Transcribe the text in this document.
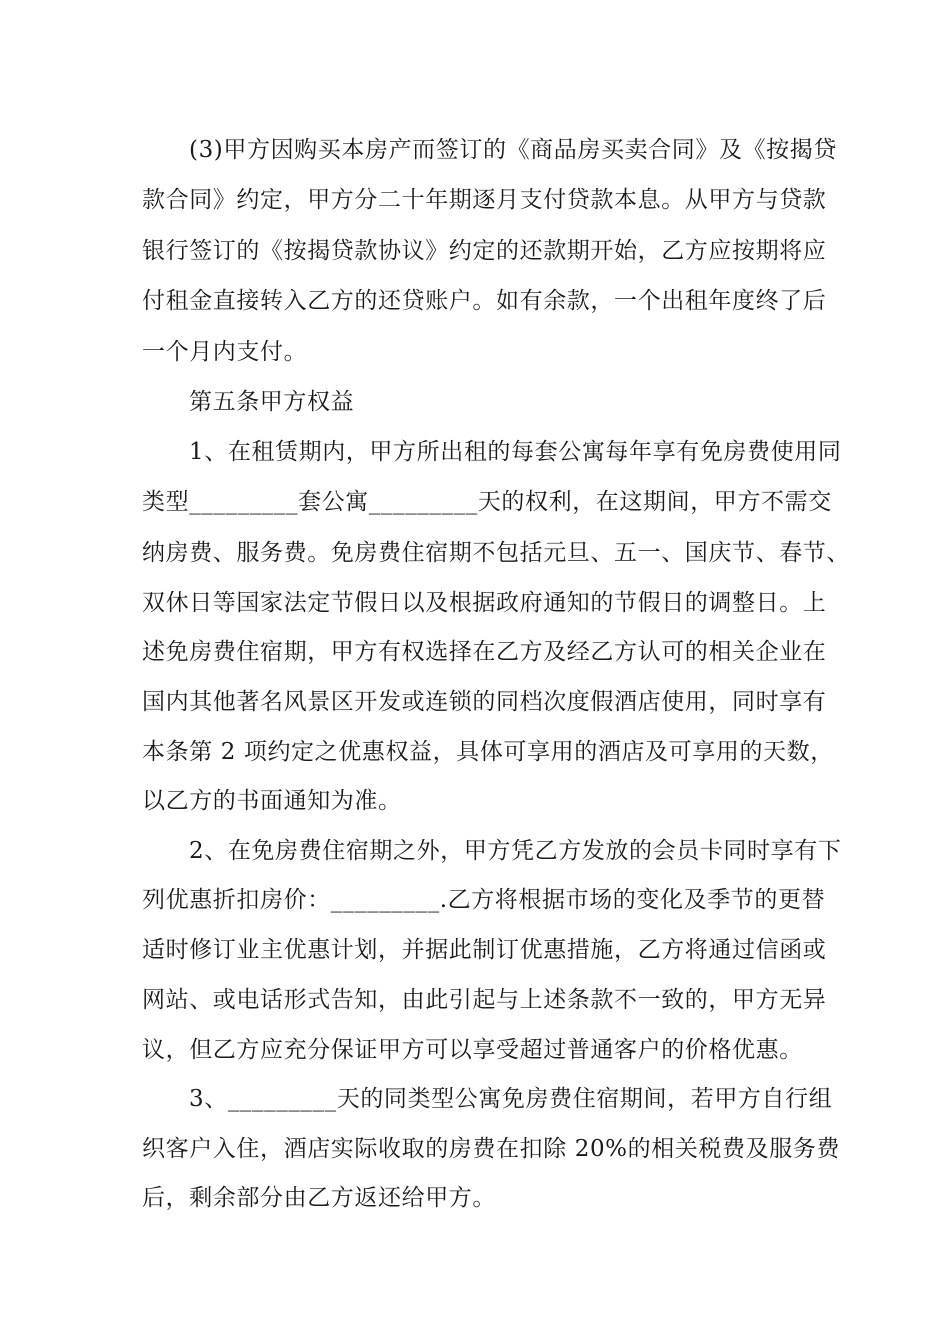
(3)甲方因购买本房产而签订的《商品房买卖合同》及《按揭贷
款合同》约定，甲方分二十年期逐月支付贷款本息。从甲方与贷款
银行签订的《按揭贷款协议》约定的还款期开始，乙方应按期将应
付租金直接转入乙方的还贷账户。如有余款，一个出租年度终了后
一个月内支付。
第五条甲方权益
1、在租赁期内，甲方所出租的每套公寓每年享有免房费使用同
类型_________套公寓_________天的权利，在这期间，甲方不需交
纳房费、服务费。免房费住宿期不包括元旦、五一、国庆节、春节、
双休日等国家法定节假日以及根据政府通知的节假日的调整日。上
述免房费住宿期，甲方有权选择在乙方及经乙方认可的相关企业在
国内其他著名风景区开发或连锁的同档次度假酒店使用，同时享有
本条第 2 项约定之优惠权益，具体可享用的酒店及可享用的天数，
以乙方的书面通知为准。
2、在免房费住宿期之外，甲方凭乙方发放的会员卡同时享有下
列优惠折扣房价：_________.乙方将根据市场的变化及季节的更替
适时修订业主优惠计划，并据此制订优惠措施，乙方将通过信函或
网站、或电话形式告知，由此引起与上述条款不一致的，甲方无异
议，但乙方应充分保证甲方可以享受超过普通客户的价格优惠。
3、_________天的同类型公寓免房费住宿期间，若甲方自行组
织客户入住，酒店实际收取的房费在扣除 20%的相关税费及服务费
后，剩余部分由乙方返还给甲方。
